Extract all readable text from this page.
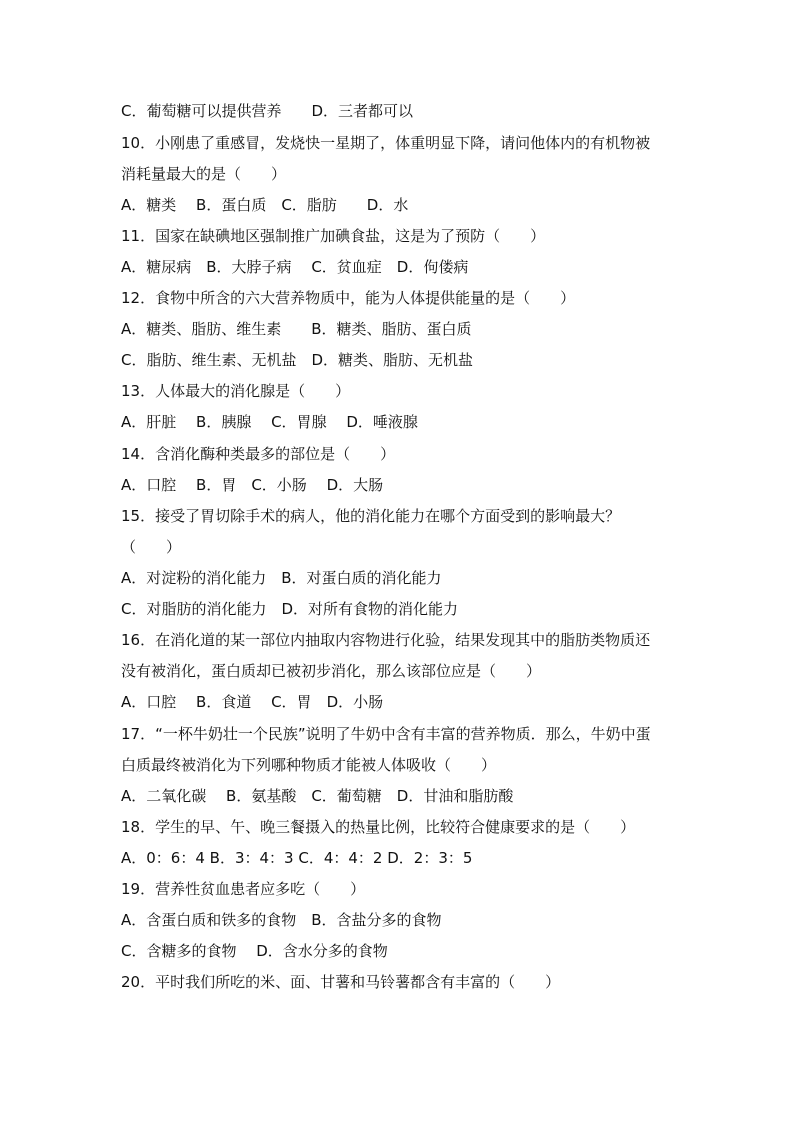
C．葡萄糖可以提供营养　　D．三者都可以
10．小刚患了重感冒，发烧快一星期了，体重明显下降，请问他体内的有机物被
消耗量最大的是（　　）
A．糖类　 B．蛋白质　C．脂肪　　D．水
11．国家在缺碘地区强制推广加碘食盐，这是为了预防（　　）
A．糖尿病　B．大脖子病　 C．贫血症　D．佝偻病
12．食物中所含的六大营养物质中，能为人体提供能量的是（　　）
A．糖类、脂肪、维生素　　B．糖类、脂肪、蛋白质
C．脂肪、维生素、无机盐　D．糖类、脂肪、无机盐
13．人体最大的消化腺是（　　）
A．肝脏　 B．胰腺　 C．胃腺　 D．唾液腺
14．含消化酶种类最多的部位是（　　）
A．口腔　 B．胃　C．小肠　 D．大肠
15．接受了胃切除手术的病人，他的消化能力在哪个方面受到的影响最大？
（　　）
A．对淀粉的消化能力　B．对蛋白质的消化能力
C．对脂肪的消化能力　D．对所有食物的消化能力
16．在消化道的某一部位内抽取内容物进行化验，结果发现其中的脂肪类物质还
没有被消化，蛋白质却已被初步消化，那么该部位应是（　　）
A．口腔　 B．食道　 C．胃　D．小肠
17．“一杯牛奶壮一个民族”说明了牛奶中含有丰富的营养物质．那么，牛奶中蛋
白质最终被消化为下列哪种物质才能被人体吸收（　　）
A．二氧化碳　 B．氨基酸　C．葡萄糖　D．甘油和脂肪酸
18．学生的早、午、晚三餐摄入的热量比例，比较符合健康要求的是（　　）
A．0：6：4 B．3：4：3 C．4：4：2 D．2：3：5
19．营养性贫血患者应多吃（　　）
A．含蛋白质和铁多的食物　B．含盐分多的食物
C．含糖多的食物　 D．含水分多的食物
20．平时我们所吃的米、面、甘薯和马铃薯都含有丰富的（　　）
